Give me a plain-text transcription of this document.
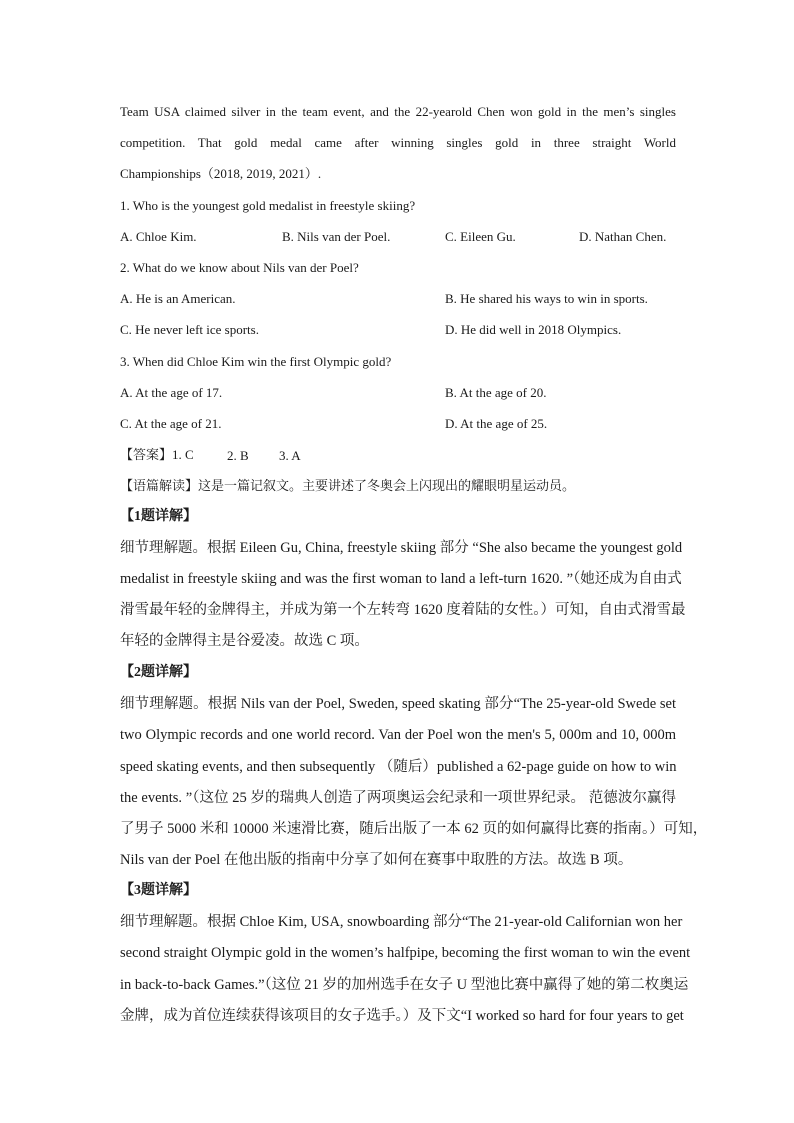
Team USA claimed silver in the team event, and the 22-yearold Chen won gold in the men’s singles
competition. That gold medal came after winning singles gold in three straight World
Championships（2018, 2019, 2021）.
1. Who is the youngest gold medalist in freestyle skiing?
A. Chloe Kim.	B. Nils van der Poel.	C. Eileen Gu.	D. Nathan Chen.
2. What do we know about Nils van der Poel?
A. He is an American.	B. He shared his ways to win in sports.
C. He never left ice sports.	D. He did well in 2018 Olympics.
3. When did Chloe Kim win the first Olympic gold?
A. At the age of 17.	B. At the age of 20.
C. At the age of 21.	D. At the age of 25.
【答案】1. C	2. B 3. A
【语篇解读】这是一篇记叙文。主要讲述了冬奥会上闪现出的耀眼明星运动员。
【1题详解】
细节理解题。根据 Eileen Gu, China, freestyle skiing 部分 “She also became the youngest gold
medalist in freestyle skiing and was the first woman to land a left-turn 1620. ”（她还成为自由式
滑雪最年轻的金牌得主，并成为第一个左转弯 1620 度着陆的女性。）可知，自由式滑雪最
年轻的金牌得主是谷爱凌。故选 C 项。
【2题详解】
细节理解题。根据 Nils van der Poel, Sweden, speed skating 部分“The 25-year-old Swede set
two Olympic records and one world record. Van der Poel won the men's 5, 000m and 10, 000m
speed skating events, and then subsequently （随后）published a 62-page guide on how to win
the events. ”（这位 25 岁的瑞典人创造了两项奥运会纪录和一项世界纪录。 范德波尔赢得
了男子 5000 米和 10000 米速滑比赛，随后出版了一本 62 页的如何赢得比赛的指南。）可知，
Nils van der Poel 在他出版的指南中分享了如何在赛事中取胜的方法。故选 B 项。
【3题详解】
细节理解题。根据 Chloe Kim, USA, snowboarding 部分“The 21-year-old Californian won her
second straight Olympic gold in the women’s halfpipe, becoming the first woman to win the event
in back-to-back Games.”（这位 21 岁的加州选手在女子 U 型池比赛中赢得了她的第二枚奥运
金牌，成为首位连续获得该项目的女子选手。）及下文“I worked so hard for four years to get
